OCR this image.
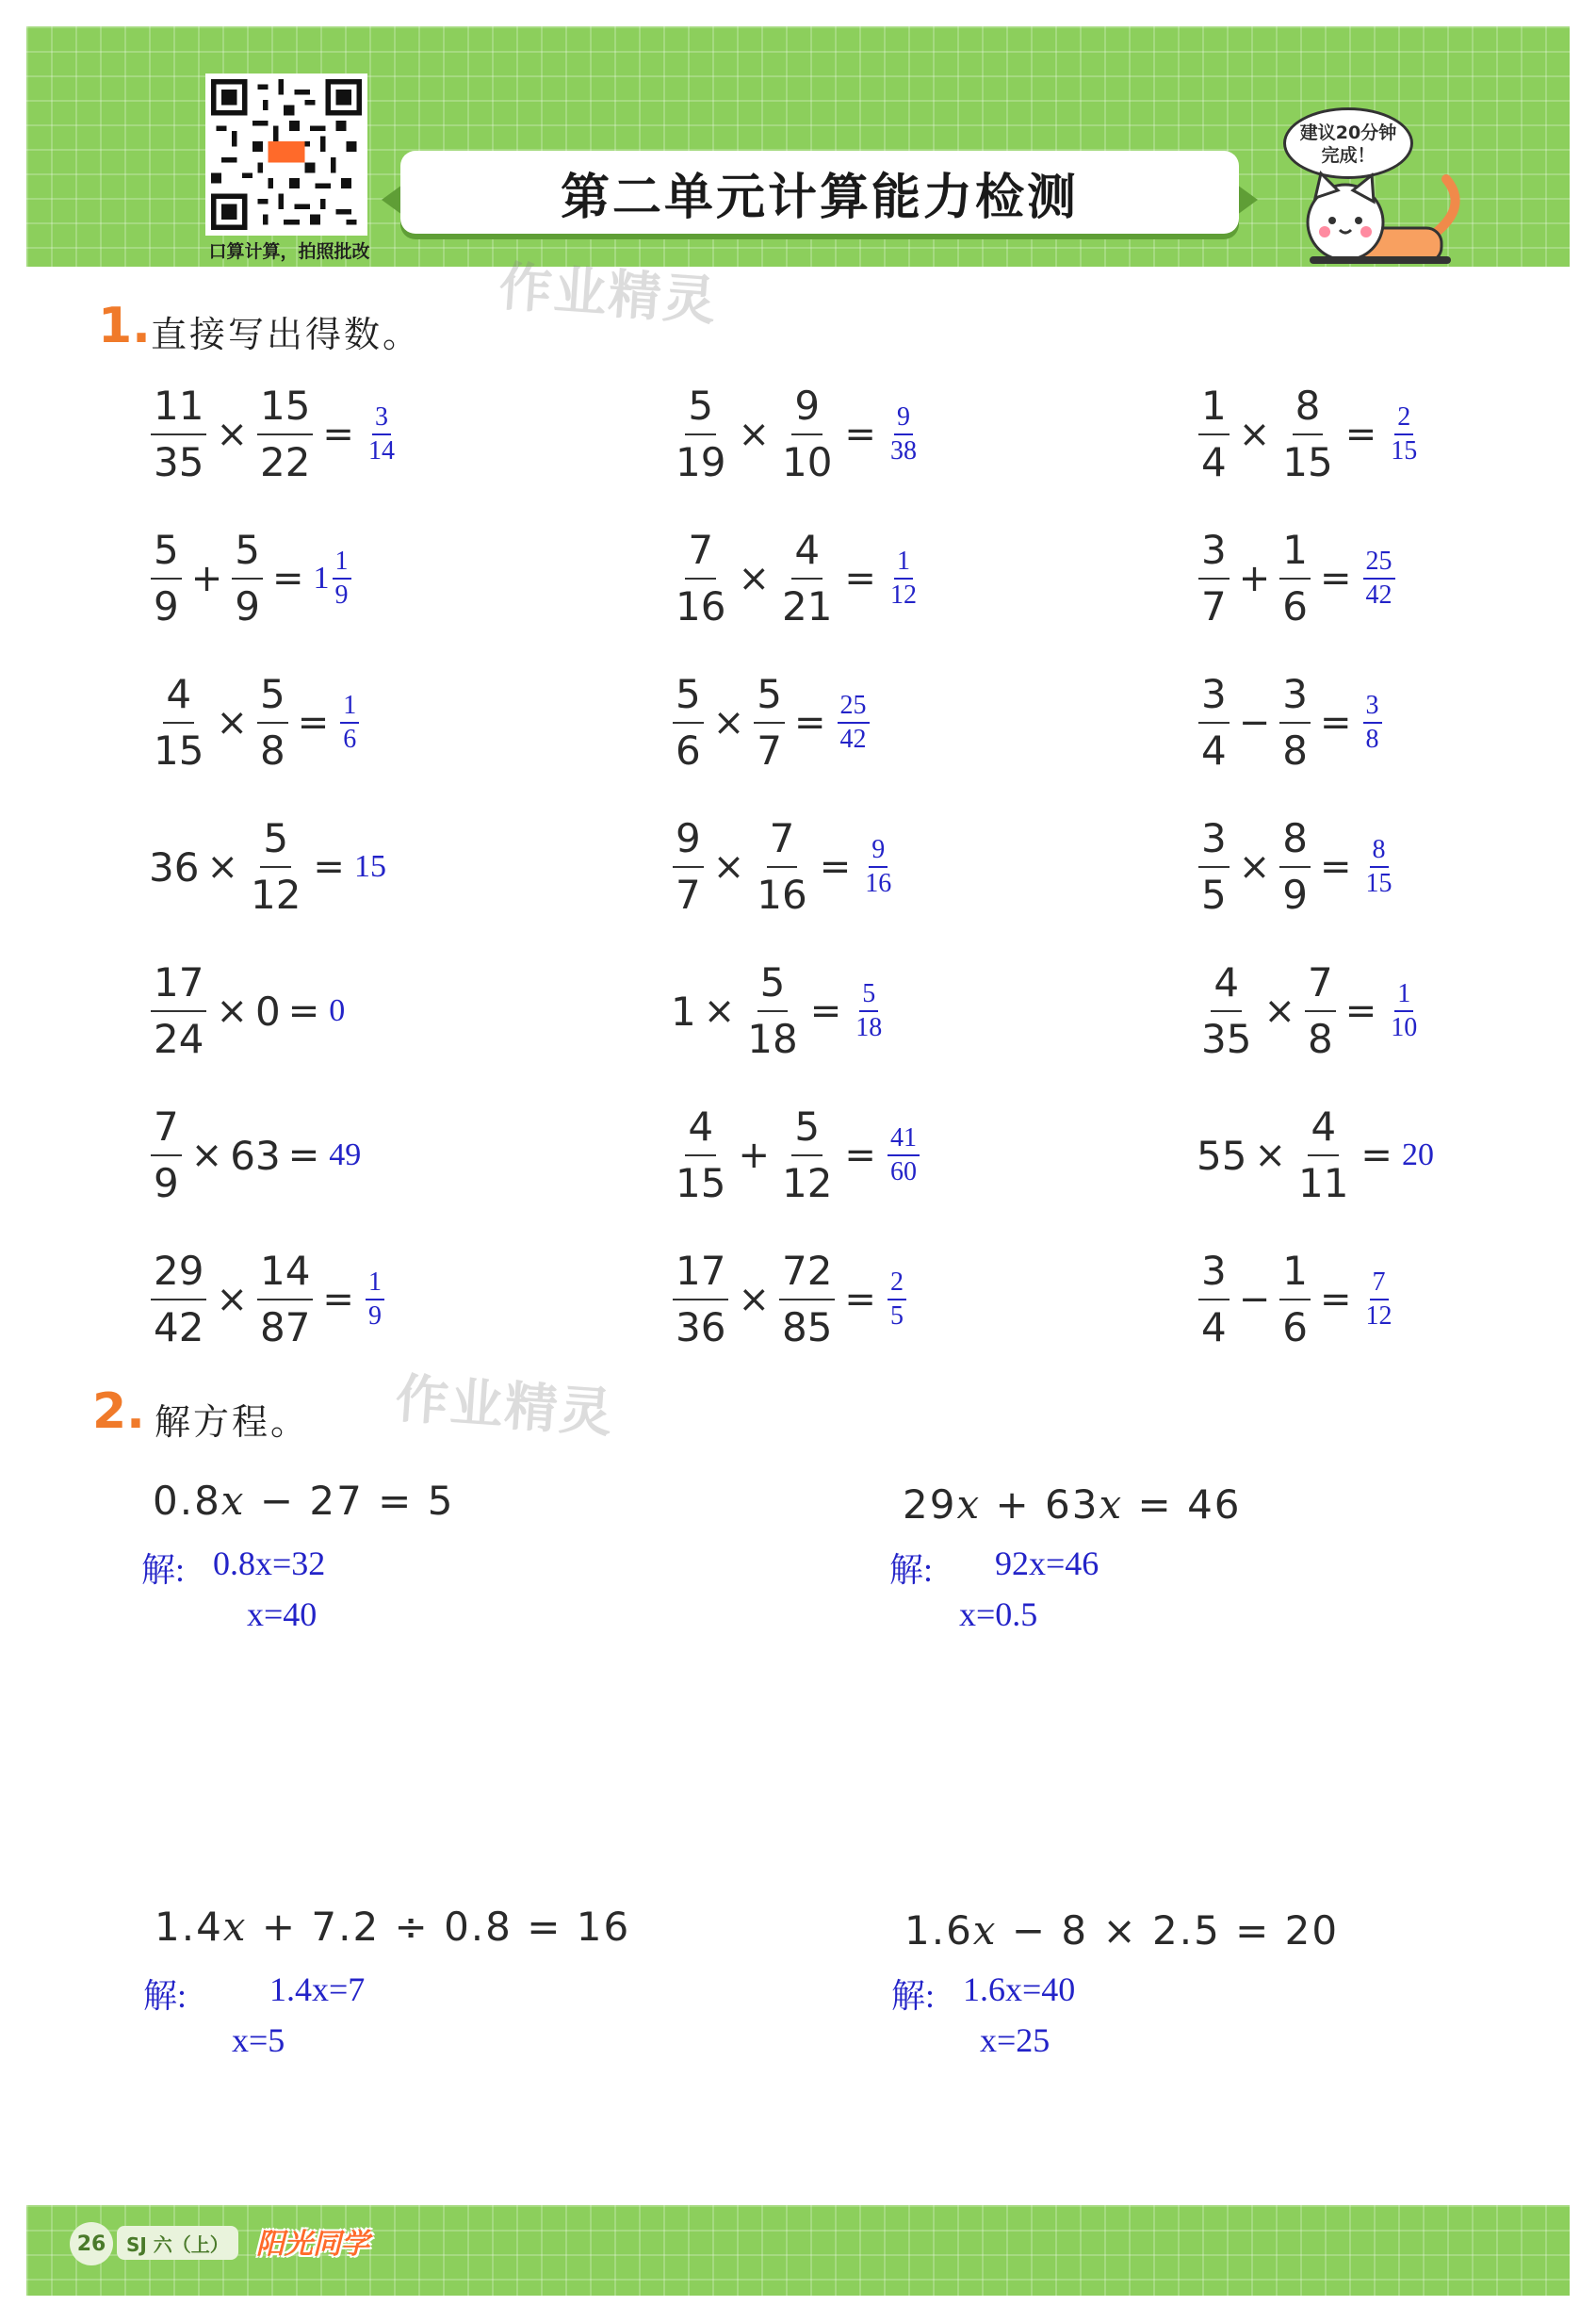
口算计算，拍照批改
第二单元计算能力检测
建议20分钟
完成！
作业精灵
作业精灵
1. 直接写出得数。
$\frac{11}{35} \times \frac{15}{22} = \frac{3}{14}$	$\frac{5}{19} \times \frac{9}{10} = \frac{9}{38}$	$\frac{1}{4} \times \frac{8}{15} = \frac{2}{15}$
$\frac{5}{9} + \frac{5}{9} = 1 \frac{1}{9}$	$\frac{7}{16} \times \frac{4}{21} = \frac{1}{12}$	$\frac{3}{7} + \frac{1}{6} = \frac{25}{42}$
$\frac{4}{15} \times \frac{5}{8} = \frac{1}{6}$	$\frac{5}{6} \times \frac{5}{7} = \frac{25}{42}$	$\frac{3}{4} - \frac{3}{8} = \frac{3}{8}$
$36 \times \frac{5}{12} = 15$	$\frac{9}{7} \times \frac{7}{16} = \frac{9}{16}$	$\frac{3}{5} \times \frac{8}{9} = \frac{8}{15}$
$\frac{17}{24} \times 0 = 0$	$1 \times \frac{5}{18} = \frac{5}{18}$	$\frac{4}{35} \times \frac{7}{8} = \frac{1}{10}$
$\frac{7}{9} \times 63 = 49$	$\frac{4}{15} + \frac{5}{12} = \frac{41}{60}$	$55 \times \frac{4}{11} = 20$
$\frac{29}{42} \times \frac{14}{87} = \frac{1}{9}$	$\frac{17}{36} \times \frac{72}{85} = \frac{2}{5}$	$\frac{3}{4} - \frac{1}{6} = \frac{7}{12}$
2. 解方程。
0.8x − 27 = 5
解: 0.8x=32
x=40
29x + 63x = 46
解: 92x=46
x=0.5
1.4x + 7.2 ÷ 0.8 = 16
解: 1.4x=7
x=5
1.6x − 8 × 2.5 = 20
解: 1.6x=40
x=25
26	SJ 六（上） 阳光同学
